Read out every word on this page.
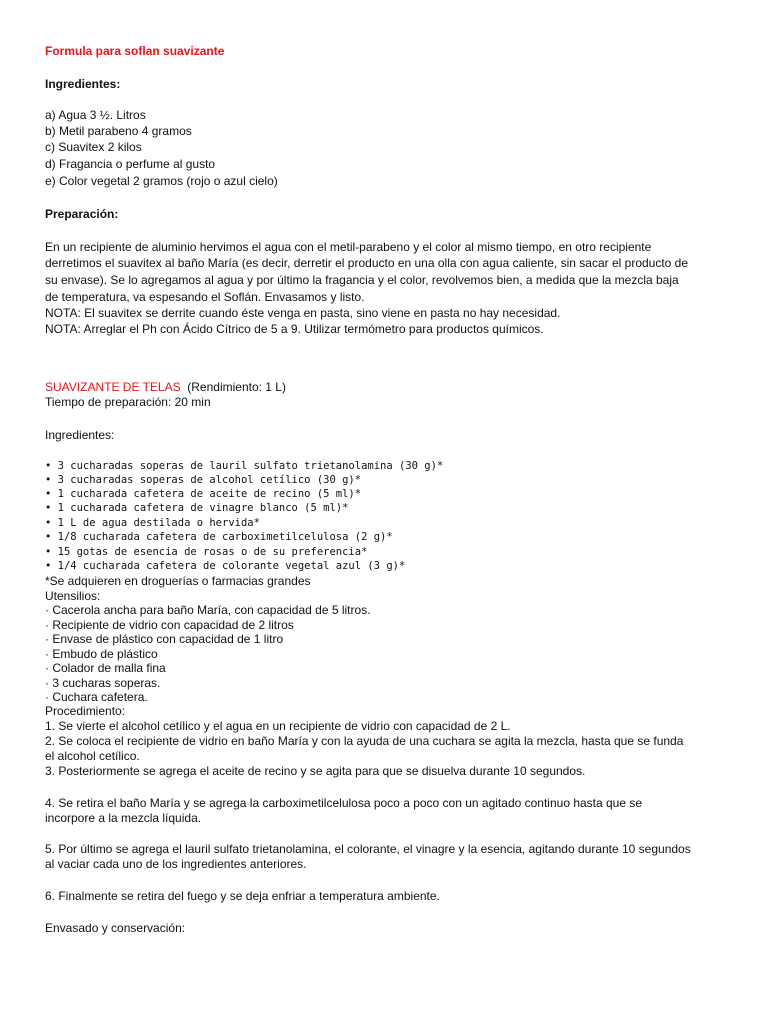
Formula para soflan suavizante
Ingredientes:
a) Agua 3 ½. Litros
b) Metil parabeno 4 gramos
c) Suavitex 2 kilos
d) Fragancia o perfume al gusto
e) Color vegetal 2 gramos (rojo o azul cielo)
Preparación:
En un recipiente de aluminio hervimos el agua con el metil-parabeno y el color al mismo tiempo, en otro recipiente
derretimos el suavitex al baño María (es decir, derretir el producto en una olla con agua caliente, sin sacar el producto de
su envase). Se lo agregamos al agua y por último la fragancia y el color, revolvemos bien, a medida que la mezcla baja
de temperatura, va espesando el Soflán. Envasamos y listo.
NOTA: El suavitex se derrite cuando éste venga en pasta, sino viene en pasta no hay necesidad.
NOTA: Arreglar el Ph con Ácido Cítrico de 5 a 9. Utilizar termómetro para productos químicos.
SUAVIZANTE DE TELAS (Rendimiento: 1 L)
Tiempo de preparación: 20 min
Ingredientes:
• 3 cucharadas soperas de lauril sulfato trietanolamina (30 g)*
• 3 cucharadas soperas de alcohol cetílico (30 g)*
• 1 cucharada cafetera de aceite de recino (5 ml)*
• 1 cucharada cafetera de vinagre blanco (5 ml)*
• 1 L de agua destilada o hervida*
• 1/8 cucharada cafetera de carboximetilcelulosa (2 g)*
• 15 gotas de esencia de rosas o de su preferencia*
• 1/4 cucharada cafetera de colorante vegetal azul (3 g)*
*Se adquieren en droguerías o farmacias grandes
Utensilios:
· Cacerola ancha para baño María, con capacidad de 5 litros.
· Recipiente de vidrio con capacidad de 2 litros
· Envase de plástico con capacidad de 1 litro
· Embudo de plástico
· Colador de malla fina
· 3 cucharas soperas.
· Cuchara cafetera.
Procedimiento:
1. Se vierte el alcohol cetílico y el agua en un recipiente de vidrio con capacidad de 2 L.
2. Se coloca el recipiente de vidrio en baño María y con la ayuda de una cuchara se agita la mezcla, hasta que se funda
el alcohol cetílico.
3. Posteriormente se agrega el aceite de recino y se agita para que se disuelva durante 10 segundos.
4. Se retira el baño María y se agrega la carboximetilcelulosa poco a poco con un agitado continuo hasta que se
incorpore a la mezcla líquida.
5. Por último se agrega el lauril sulfato trietanolamina, el colorante, el vinagre y la esencia, agitando durante 10 segundos
al vaciar cada uno de los ingredientes anteriores.
6. Finalmente se retira del fuego y se deja enfriar a temperatura ambiente.
Envasado y conservación:
